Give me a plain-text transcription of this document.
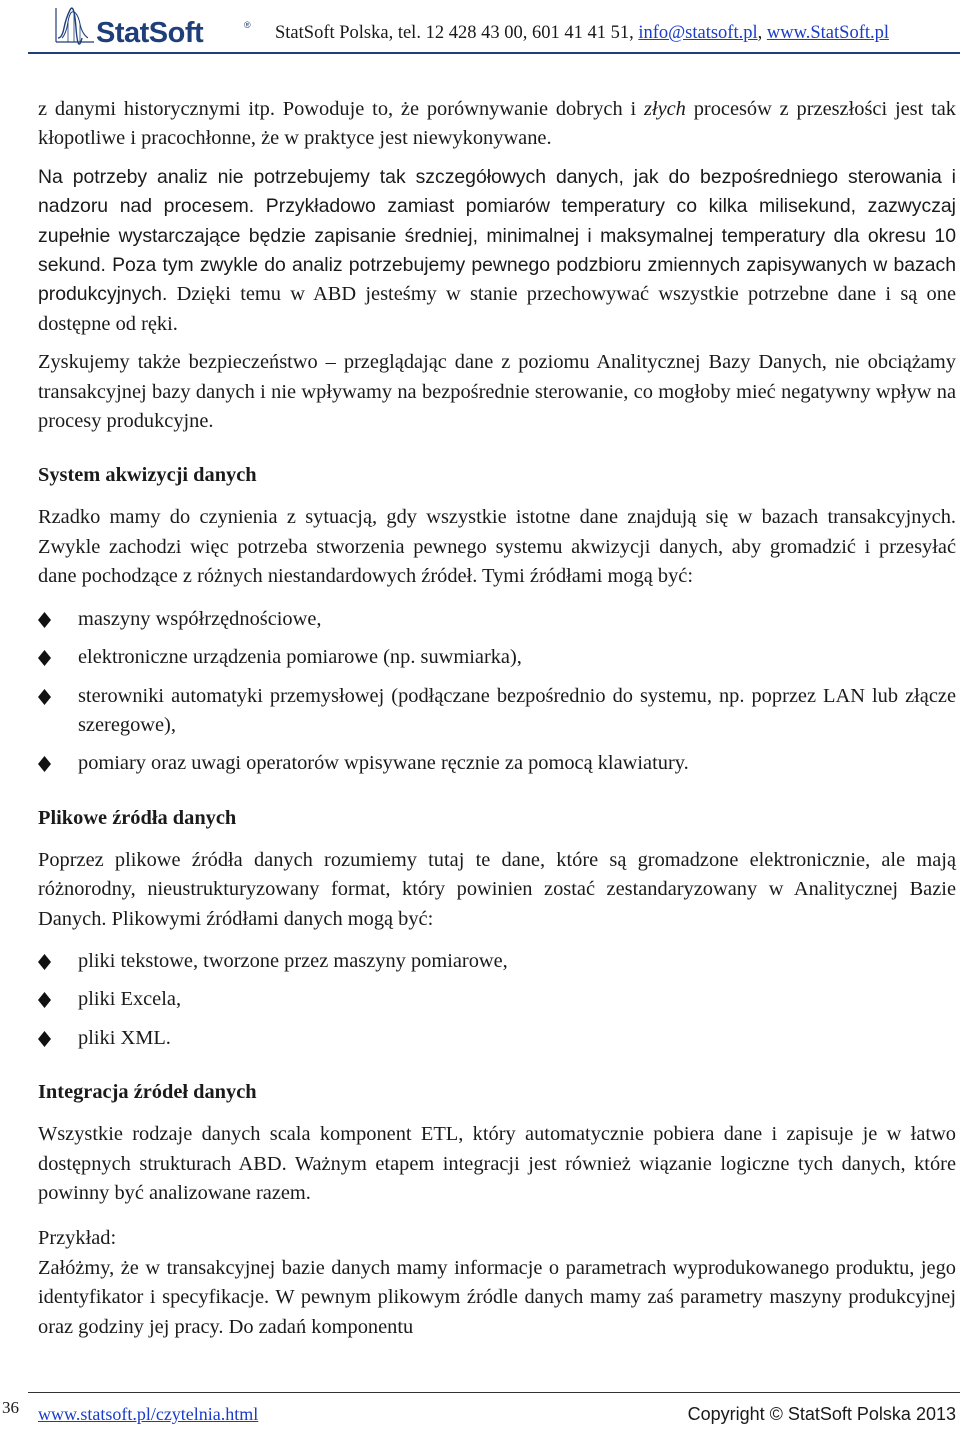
StatSoft	® StatSoft Polska, tel. 12 428 43 00, 601 41 41 51, info@statsoft.pl, www.StatSoft.pl

z danymi historycznymi itp. Powoduje to, że porównywanie dobrych i złych procesów z przeszłości jest tak kłopotliwe i pracochłonne, że w praktyce jest niewykonywane.

Na potrzeby analiz nie potrzebujemy tak szczegółowych danych, jak do bezpośredniego sterowania i nadzoru nad procesem. Przykładowo zamiast pomiarów temperatury co kilka milisekund, zazwyczaj zupełnie wystarczające będzie zapisanie średniej, minimalnej i maksymalnej temperatury dla okresu 10 sekund. Poza tym zwykle do analiz potrzebujemy pewnego podzbioru zmiennych zapisywanych w bazach produkcyjnych. Dzięki temu w ABD jesteśmy w stanie przechowywać wszystkie potrzebne dane i są one dostępne od ręki.

Zyskujemy także bezpieczeństwo – przeglądając dane z poziomu Analitycznej Bazy Danych, nie obciążamy transakcyjnej bazy danych i nie wpływamy na bezpośrednie sterowanie, co mogłoby mieć negatywny wpływ na procesy produkcyjne.

System akwizycji danych

Rzadko mamy do czynienia z sytuacją, gdy wszystkie istotne dane znajdują się w bazach transakcyjnych. Zwykle zachodzi więc potrzeba stworzenia pewnego systemu akwizycji danych, aby gromadzić i przesyłać dane pochodzące z różnych niestandardowych źródeł. Tymi źródłami mogą być:

maszyny współrzędnościowe,
elektroniczne urządzenia pomiarowe (np. suwmiarka),
sterowniki automatyki przemysłowej (podłączane bezpośrednio do systemu, np. poprzez LAN lub złącze szeregowe),
pomiary oraz uwagi operatorów wpisywane ręcznie za pomocą klawiatury.
Plikowe źródła danych

Poprzez plikowe źródła danych rozumiemy tutaj te dane, które są gromadzone elektronicznie, ale mają różnorodny, nieustrukturyzowany format, który powinien zostać zestandaryzowany w Analitycznej Bazie Danych. Plikowymi źródłami danych mogą być:

pliki tekstowe, tworzone przez maszyny pomiarowe,
pliki Excela,
pliki XML.
Integracja źródeł danych

Wszystkie rodzaje danych scala komponent ETL, który automatycznie pobiera dane i zapisuje je w łatwo dostępnych strukturach ABD. Ważnym etapem integracji jest również wiązanie logiczne tych danych, które powinny być analizowane razem.

Przykład:

Załóżmy, że w transakcyjnej bazie danych mamy informacje o parametrach wyprodukowanego produktu, jego identyfikator i specyfikacje. W pewnym plikowym źródle danych mamy zaś parametry maszyny produkcyjnej oraz godziny jej pracy. Do zadań komponentu

36 www.statsoft.pl/czytelnia.html	Copyright © StatSoft Polska 2013
